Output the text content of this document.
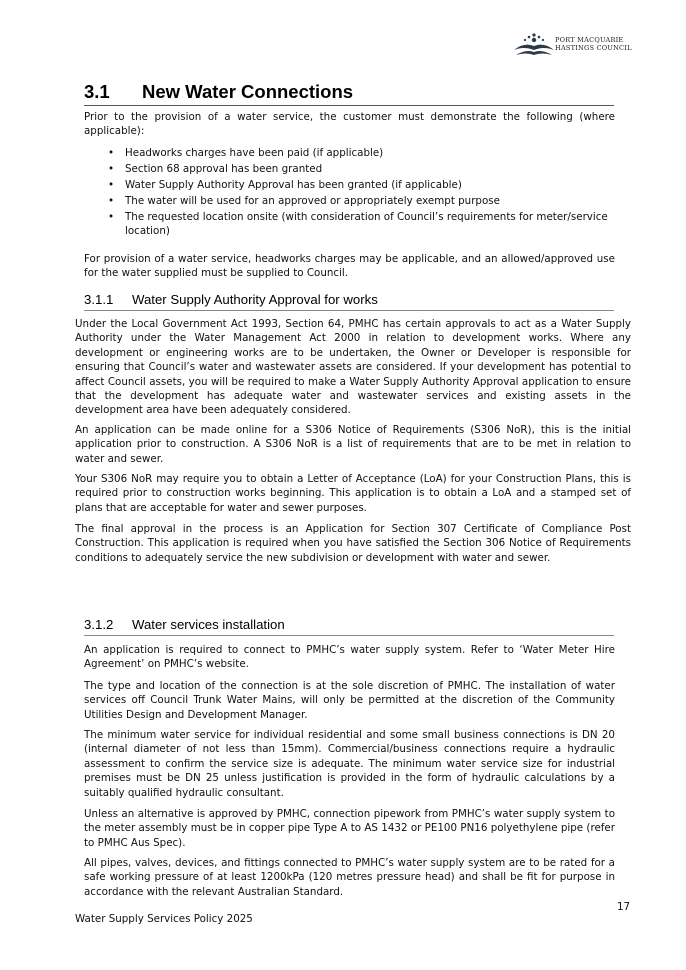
PORT MACQUARIE
HASTINGS COUNCIL
3.1 New Water Connections

Prior to the provision of a water service, the customer must demonstrate the following (where applicable):

• Headworks charges have been paid (if applicable)
• Section 68 approval has been granted
• Water Supply Authority Approval has been granted (if applicable)
• The water will be used for an approved or appropriately exempt purpose
• The requested location onsite (with consideration of Council’s requirements for meter/service location)

For provision of a water service, headworks charges may be applicable, and an allowed/approved use for the water supplied must be supplied to Council.

3.1.1 Water Supply Authority Approval for works

Under the Local Government Act 1993, Section 64, PMHC has certain approvals to act as a Water Supply Authority under the Water Management Act 2000 in relation to development works. Where any development or engineering works are to be undertaken, the Owner or Developer is responsible for ensuring that Council’s water and wastewater assets are considered. If your development has potential to affect Council assets, you will be required to make a Water Supply Authority Approval application to ensure that the development has adequate water and wastewater services and existing assets in the development area have been adequately considered.

An application can be made online for a S306 Notice of Requirements (S306 NoR), this is the initial application prior to construction. A S306 NoR is a list of requirements that are to be met in relation to water and sewer.

Your S306 NoR may require you to obtain a Letter of Acceptance (LoA) for your Construction Plans, this is required prior to construction works beginning. This application is to obtain a LoA and a stamped set of plans that are acceptable for water and sewer purposes.

The final approval in the process is an Application for Section 307 Certificate of Compliance Post Construction. This application is required when you have satisfied the Section 306 Notice of Requirements conditions to adequately service the new subdivision or development with water and sewer.

3.1.2 Water services installation

An application is required to connect to PMHC’s water supply system. Refer to ‘Water Meter Hire Agreement’ on PMHC’s website.

The type and location of the connection is at the sole discretion of PMHC. The installation of water services off Council Trunk Water Mains, will only be permitted at the discretion of the Community Utilities Design and Development Manager.

The minimum water service for individual residential and some small business connections is DN 20 (internal diameter of not less than 15mm). Commercial/business connections require a hydraulic assessment to confirm the service size is adequate. The minimum water service size for industrial premises must be DN 25 unless justification is provided in the form of hydraulic calculations by a suitably qualified hydraulic consultant.

Unless an alternative is approved by PMHC, connection pipework from PMHC’s water supply system to the meter assembly must be in copper pipe Type A to AS 1432 or PE100 PN16 polyethylene pipe (refer to PMHC Aus Spec).

All pipes, valves, devices, and fittings connected to PMHC’s water supply system are to be rated for a safe working pressure of at least 1200kPa (120 metres pressure head) and shall be fit for purpose in accordance with the relevant Australian Standard.

17
Water Supply Services Policy 2025
